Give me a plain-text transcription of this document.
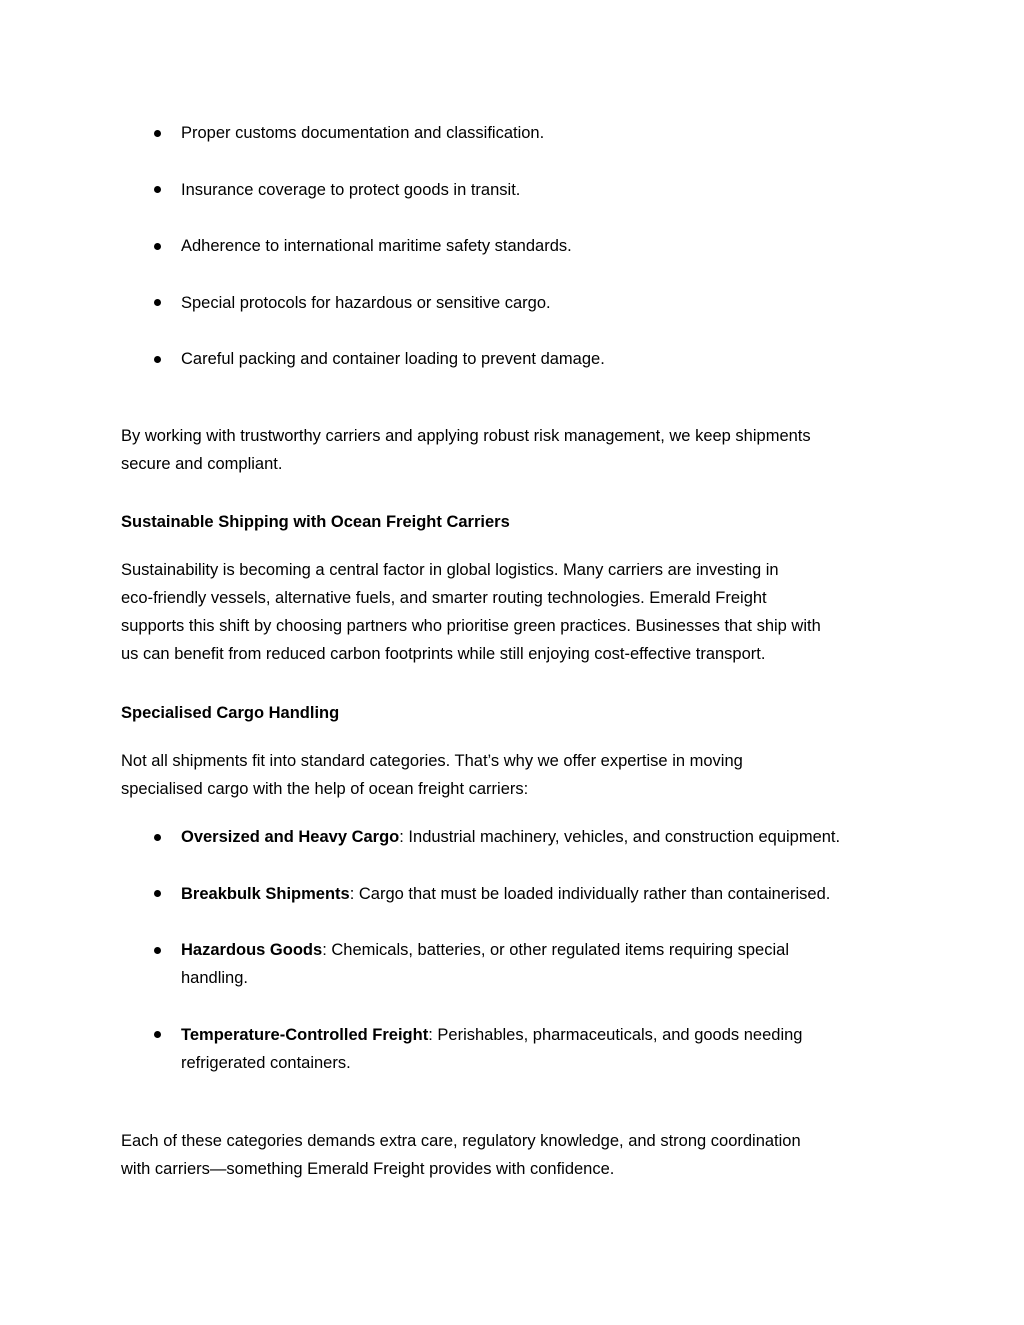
Proper customs documentation and classification.
Insurance coverage to protect goods in transit.
Adherence to international maritime safety standards.
Special protocols for hazardous or sensitive cargo.
Careful packing and container loading to prevent damage.

By working with trustworthy carriers and applying robust risk management, we keep shipments
secure and compliant.

Sustainable Shipping with Ocean Freight Carriers

Sustainability is becoming a central factor in global logistics. Many carriers are investing in
eco-friendly vessels, alternative fuels, and smarter routing technologies. Emerald Freight
supports this shift by choosing partners who prioritise green practices. Businesses that ship with
us can benefit from reduced carbon footprints while still enjoying cost-effective transport.

Specialised Cargo Handling

Not all shipments fit into standard categories. That’s why we offer expertise in moving
specialised cargo with the help of ocean freight carriers:

Oversized and Heavy Cargo: Industrial machinery, vehicles, and construction equipment.
Breakbulk Shipments: Cargo that must be loaded individually rather than containerised.
Hazardous Goods: Chemicals, batteries, or other regulated items requiring special
handling.
Temperature-Controlled Freight: Perishables, pharmaceuticals, and goods needing
refrigerated containers.

Each of these categories demands extra care, regulatory knowledge, and strong coordination
with carriers—something Emerald Freight provides with confidence.
